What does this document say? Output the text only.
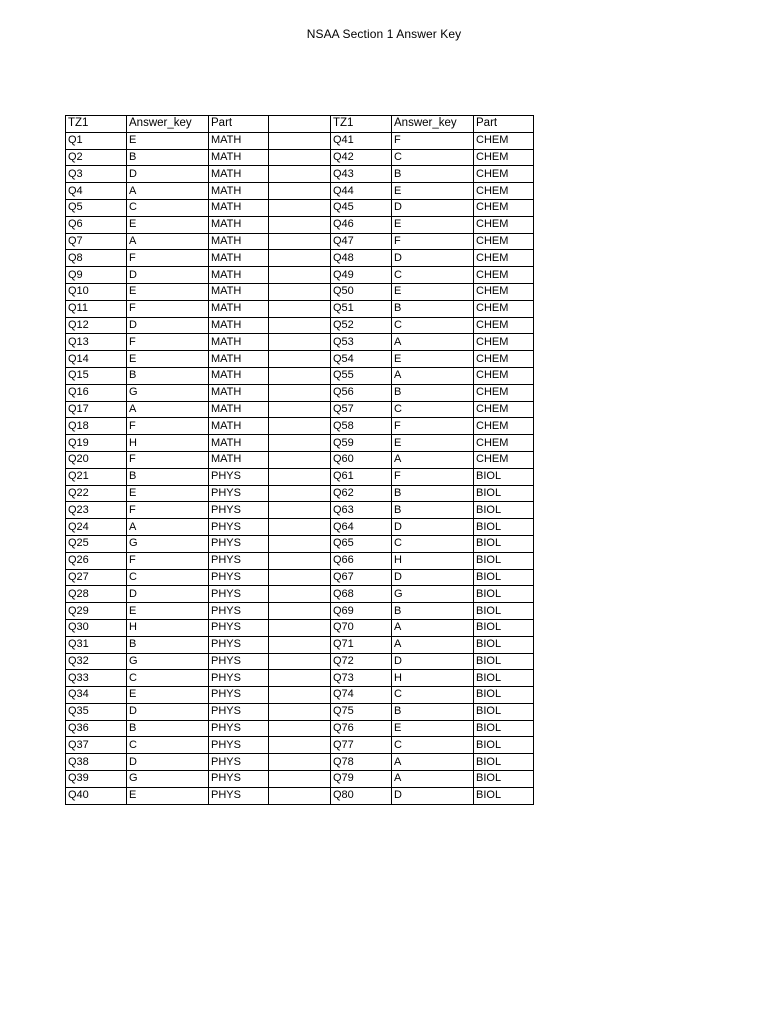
NSAA Section 1 Answer Key
TZ1	Answer_key	Part		TZ1	Answer_key	Part
Q1	E	MATH		Q41	F	CHEM
Q2	B	MATH		Q42	C	CHEM
Q3	D	MATH		Q43	B	CHEM
Q4	A	MATH		Q44	E	CHEM
Q5	C	MATH		Q45	D	CHEM
Q6	E	MATH		Q46	E	CHEM
Q7	A	MATH		Q47	F	CHEM
Q8	F	MATH		Q48	D	CHEM
Q9	D	MATH		Q49	C	CHEM
Q10	E	MATH		Q50	E	CHEM
Q11	F	MATH		Q51	B	CHEM
Q12	D	MATH		Q52	C	CHEM
Q13	F	MATH		Q53	A	CHEM
Q14	E	MATH		Q54	E	CHEM
Q15	B	MATH		Q55	A	CHEM
Q16	G	MATH		Q56	B	CHEM
Q17	A	MATH		Q57	C	CHEM
Q18	F	MATH		Q58	F	CHEM
Q19	H	MATH		Q59	E	CHEM
Q20	F	MATH		Q60	A	CHEM
Q21	B	PHYS		Q61	F	BIOL
Q22	E	PHYS		Q62	B	BIOL
Q23	F	PHYS		Q63	B	BIOL
Q24	A	PHYS		Q64	D	BIOL
Q25	G	PHYS		Q65	C	BIOL
Q26	F	PHYS		Q66	H	BIOL
Q27	C	PHYS		Q67	D	BIOL
Q28	D	PHYS		Q68	G	BIOL
Q29	E	PHYS		Q69	B	BIOL
Q30	H	PHYS		Q70	A	BIOL
Q31	B	PHYS		Q71	A	BIOL
Q32	G	PHYS		Q72	D	BIOL
Q33	C	PHYS		Q73	H	BIOL
Q34	E	PHYS		Q74	C	BIOL
Q35	D	PHYS		Q75	B	BIOL
Q36	B	PHYS		Q76	E	BIOL
Q37	C	PHYS		Q77	C	BIOL
Q38	D	PHYS		Q78	A	BIOL
Q39	G	PHYS		Q79	A	BIOL
Q40	E	PHYS		Q80	D	BIOL
